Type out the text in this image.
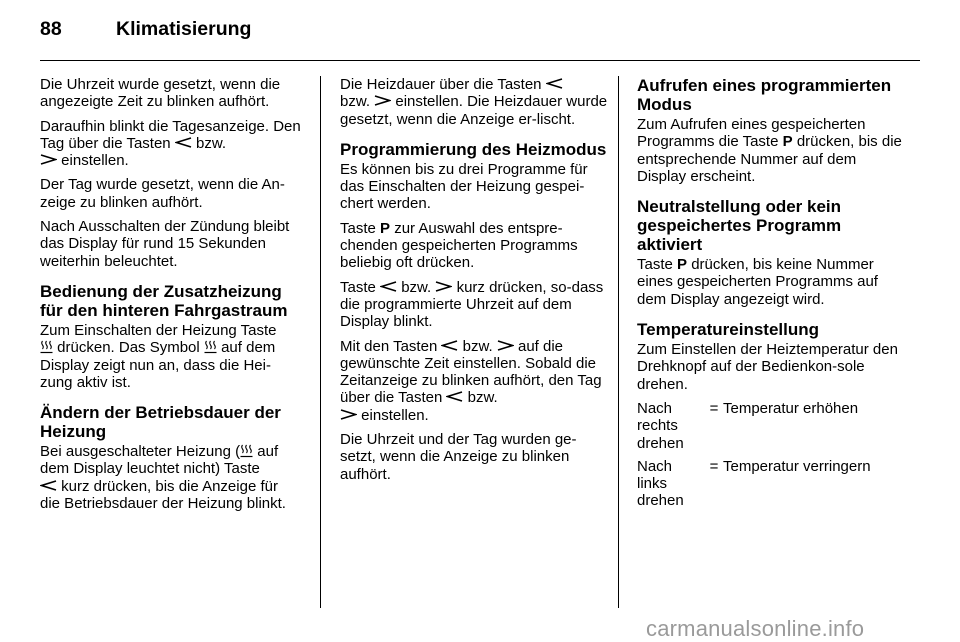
88	Klimatisierung

Die Uhrzeit wurde gesetzt, wenn die angezeigte Zeit zu blinken aufhört.

Daraufhin blinkt die Tagesanzeige. Den Tag über die Tasten bzw.

einstellen.

Der Tag wurde gesetzt, wenn die An-zeige zu blinken aufhört.

Nach Ausschalten der Zündung bleibt das Display für rund 15 Sekunden weiterhin beleuchtet.

Bedienung der Zusatzheizung für den hinteren Fahrgastraum

Zum Einschalten der Heizung Taste

drücken. Das Symbol auf dem Display zeigt nun an, dass die Hei-zung aktiv ist.

Ändern der Betriebsdauer der Heizung

Bei ausgeschalteter Heizung ( auf dem Display leuchtet nicht) Taste

kurz drücken, bis die Anzeige für die Betriebsdauer der Heizung blinkt.

Die Heizdauer über die Tasten

bzw. einstellen. Die Heizdauer wurde gesetzt, wenn die Anzeige er-lischt.

Programmierung des Heizmodus

Es können bis zu drei Programme für das Einschalten der Heizung gespei-chert werden.

Taste P zur Auswahl des entspre-chenden gespeicherten Programms beliebig oft drücken.

Taste bzw. kurz drücken, so-dass die programmierte Uhrzeit auf dem Display blinkt.

Mit den Tasten bzw. auf die gewünschte Zeit einstellen. Sobald die Zeitanzeige zu blinken aufhört, den Tag über die Tasten bzw.

einstellen.

Die Uhrzeit und der Tag wurden ge-setzt, wenn die Anzeige zu blinken aufhört.

Aufrufen eines programmierten Modus

Zum Aufrufen eines gespeicherten Programms die Taste P drücken, bis die entsprechende Nummer auf dem Display erscheint.

Neutralstellung oder kein gespeichertes Programm aktiviert

Taste P drücken, bis keine Nummer eines gespeicherten Programms auf dem Display angezeigt wird.

Temperatureinstellung

Zum Einstellen der Heiztemperatur den Drehknopf auf der Bedienkon-sole drehen.

Nach rechts drehen
= Temperatur erhöhen
Nach links drehen
= Temperatur verringern
carmanualsonline.info
